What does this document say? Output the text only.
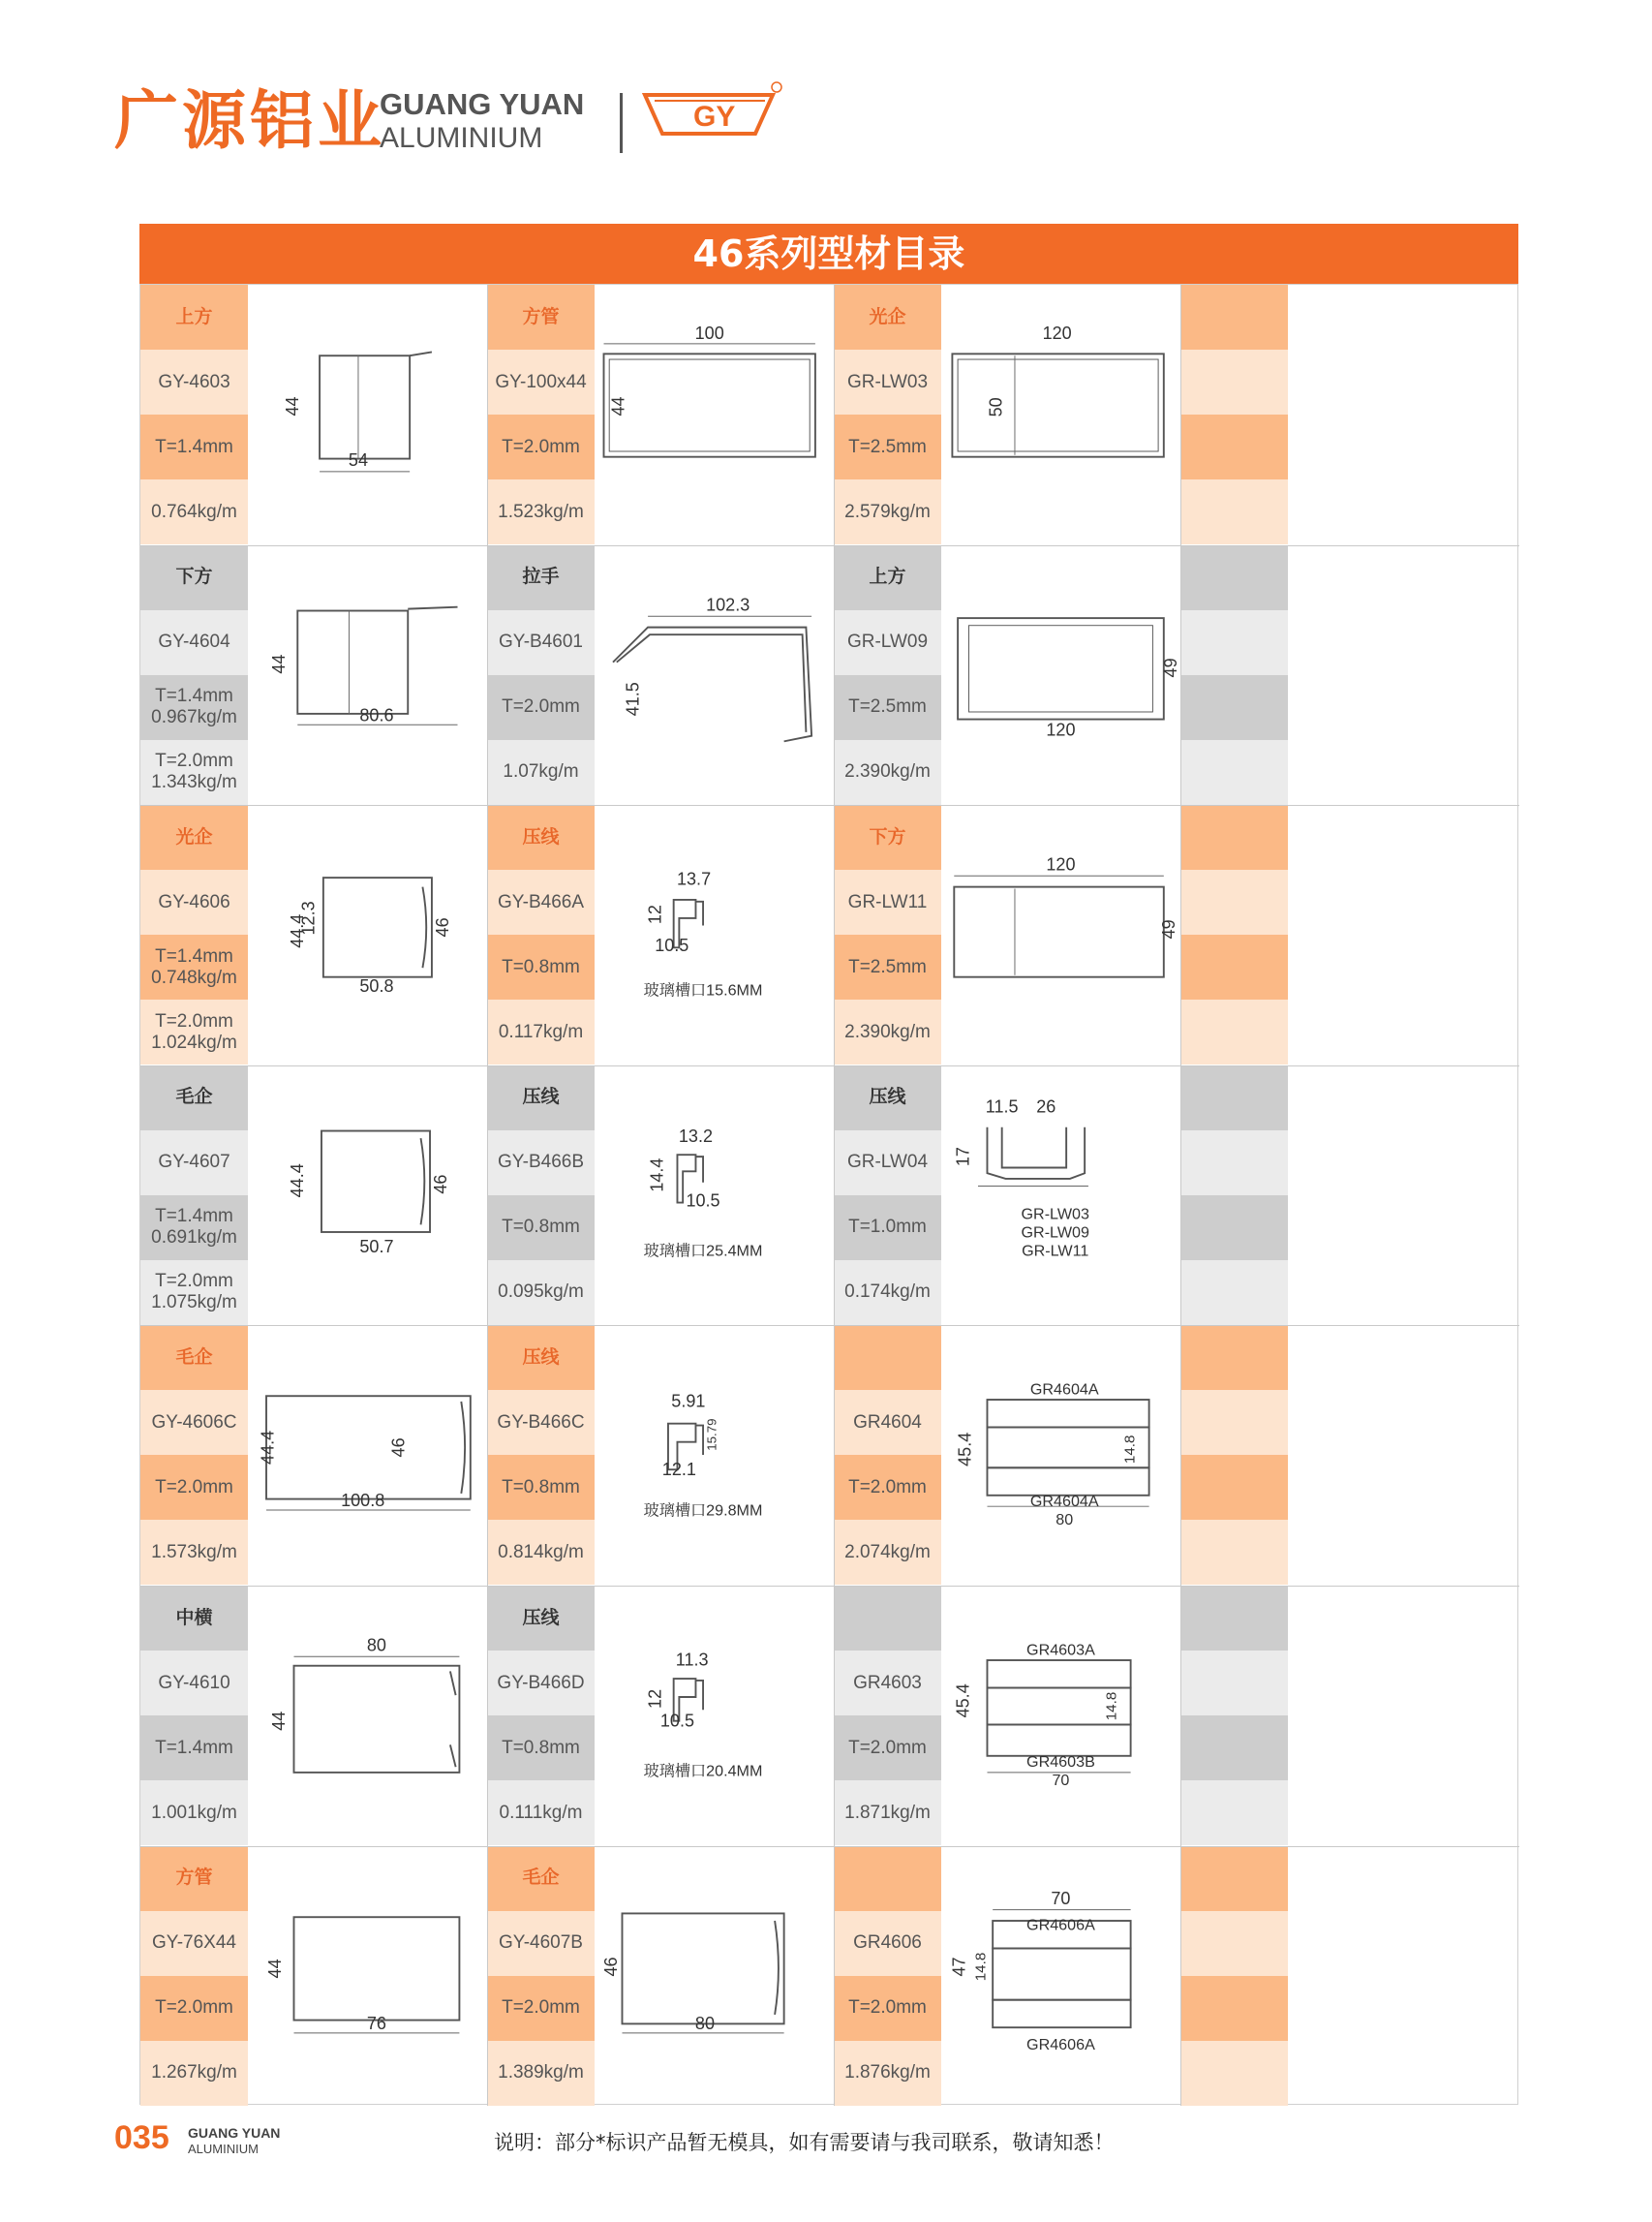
广源铝业
GUANG YUAN
ALUMINIUM
GY
46系列型材目录
上方
GY-4603
T=1.4mm
0.764kg/m
54
44
方管
GY-100x44
T=2.0mm
1.523kg/m
100
44
光企
GR-LW03
T=2.5mm
2.579kg/m
120
50
下方
GY-4604
T=1.4mm
0.967kg/m
T=2.0mm
1.343kg/m
80.6
44
拉手
GY-B4601
T=2.0mm
1.07kg/m
102.3
41.5
上方
GR-LW09
T=2.5mm
2.390kg/m
120
49
光企
GY-4606
T=1.4mm
0.748kg/m
T=2.0mm
1.024kg/m
50.8
12.3
44.4	46
压线
GY-B466A
T=0.8mm
0.117kg/m
13.7
12
10.5
玻璃槽口15.6MM
下方
GR-LW11
T=2.5mm
2.390kg/m
120
49
毛企
GY-4607
T=1.4mm
0.691kg/m
T=2.0mm
1.075kg/m
50.7
44.4	46
压线
GY-B466B
T=0.8mm
0.095kg/m
13.2
14.4
10.5
玻璃槽口25.4MM
压线
GR-LW04
T=1.0mm
0.174kg/m
11.5 26
17
GR-LW03
GR-LW09
GR-LW11
毛企
GY-4606C
T=2.0mm
1.573kg/m
100.8
44.4	46
压线
GY-B466C
T=0.8mm
0.814kg/m
5.91
15.79
12.1
玻璃槽口29.8MM
GR4604
T=2.0mm
2.074kg/m
GR4604A
45.4	14.8
GR4604A
80
中横
GY-4610
T=1.4mm
1.001kg/m
80
44
压线
GY-B466D
T=0.8mm
0.111kg/m
11.3
12
10.5
玻璃槽口20.4MM
GR4603
T=2.0mm
1.871kg/m
GR4603A
45.4	14.8
GR4603B
70
方管
GY-76X44
T=2.0mm
1.267kg/m
76
44
毛企
GY-4607B
T=2.0mm
1.389kg/m
80
46
GR4606
T=2.0mm
1.876kg/m
70
GR4606A
47 14.8
GR4606A
035 GUANG YUAN
ALUMINIUM	说明：部分*标识产品暂无模具，如有需要请与我司联系，敬请知悉！
